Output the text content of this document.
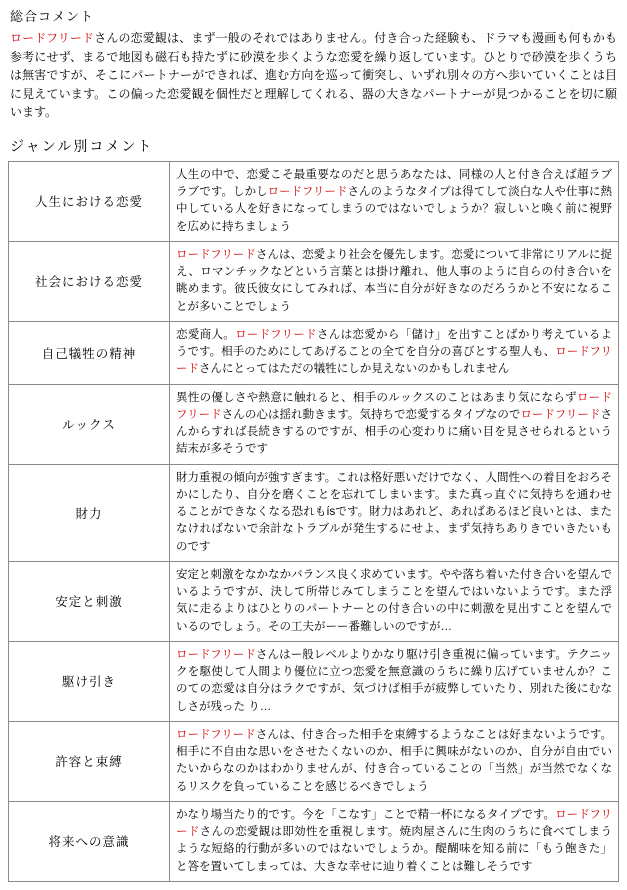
総合コメント
ロードフリードさんの恋愛観は、まず一般のそれではありません。付き合った経験も、ドラマも漫画も何もかも参考にせず、まるで地図も磁石も持たずに砂漠を歩くような恋愛を繰り返しています。ひとりで砂漠を歩くうちは無害ですが、そこにパートナーができれば、進む方向を巡って衝突し、いずれ別々の方へ歩いていくことは目に見えています。この偏った恋愛観を個性だと理解してくれる、器の大きなパートナーが見つかることを切に願います。
ジャンル別コメント
人生における恋愛	人生の中で、恋愛こそ最重要なのだと思うあなたは、同様の人と付き合えば超ラブラブです。しかしロードフリードさんのようなタイプは得てして淡白な人や仕事に熱中している人を好きになってしまうのではないでしょうか？寂しいと喚く前に視野を広めに持ちましょう
社会における恋愛	ロードフリードさんは、恋愛より社会を優先します。恋愛について非常にリアルに捉え、ロマンチックなどという言葉とは掛け離れ、他人事のように自らの付き合いを眺めます。彼氏彼女にしてみれば、本当に自分が好きなのだろうかと不安になることが多いことでしょう
自己犠牲の精神	恋愛商人。ロードフリードさんは恋愛から「儲け」を出すことばかり考えているようです。相手のためにしてあげることの全てを自分の喜びとする聖人も、ロードフリードさんにとってはただの犠牲にしか見えないのかもしれません
ルックス	異性の優しさや熱意に触れると、相手のルックスのことはあまり気にならずロードフリードさんの心は揺れ動きます。気持ちで恋愛するタイプなのでロードフリードさんからすれば長続きするのですが、相手の心変わりに痛い目を見させられるという結末が多そうです
財力	財力重視の傾向が強すぎます。これは格好悪いだけでなく、人間性への着目をおろそかにしたり、自分を磨くことを忘れてしまいます。また真っ直ぐに気持ちを通わせることができなくなる恐れもísです。財力はあれど、あればあるほど良いとは、またなければないで余計なトラブルが発生するにせよ、まず気持ちありきでいきたいものです
安定と刺激	安定と刺激をなかなかバランス良く求めています。やや落ち着いた付き合いを望んでいるようですが、決して所帯じみてしまうことを望んではいないようです。また浮気に走るよりはひとりのパートナーとの付き合いの中に刺激を見出すことを望んでいるのでしょう。その工夫がーー番難しいのですが…
駆け引き	ロードフリードさんはー般レベルよりかなり駆け引き重視に偏っています。テクニックを駆使して人間より優位に立つ恋愛を無意識のうちに繰り広げていませんか？このての恋愛は自分はラクですが、気づけば相手が疲弊していたり、別れた後にむなしさが残った り…
許容と束縛	ロードフリードさんは、付き合った相手を束縛するようなことは好まないようです。相手に不自由な思いをさせたくないのか、相手に興味がないのか、自分が自由でいたいからなのかはわかりませんが、付き合っていることの「当然」が当然でなくなるリスクを負っていることを感じるべきでしょう
将来への意識	かなり場当たり的です。今を「こなす」ことで精一杯になるタイプです。ロードフリードさんの恋愛観は即効性を重視します。焼肉屋さんに生肉のうちに食べてしまうような短絡的行動が多いのではないでしょうか。醍醐味を知る前に「もう飽きた」と答を置いてしまっては、大きな幸せに辿り着くことは難しそうです
